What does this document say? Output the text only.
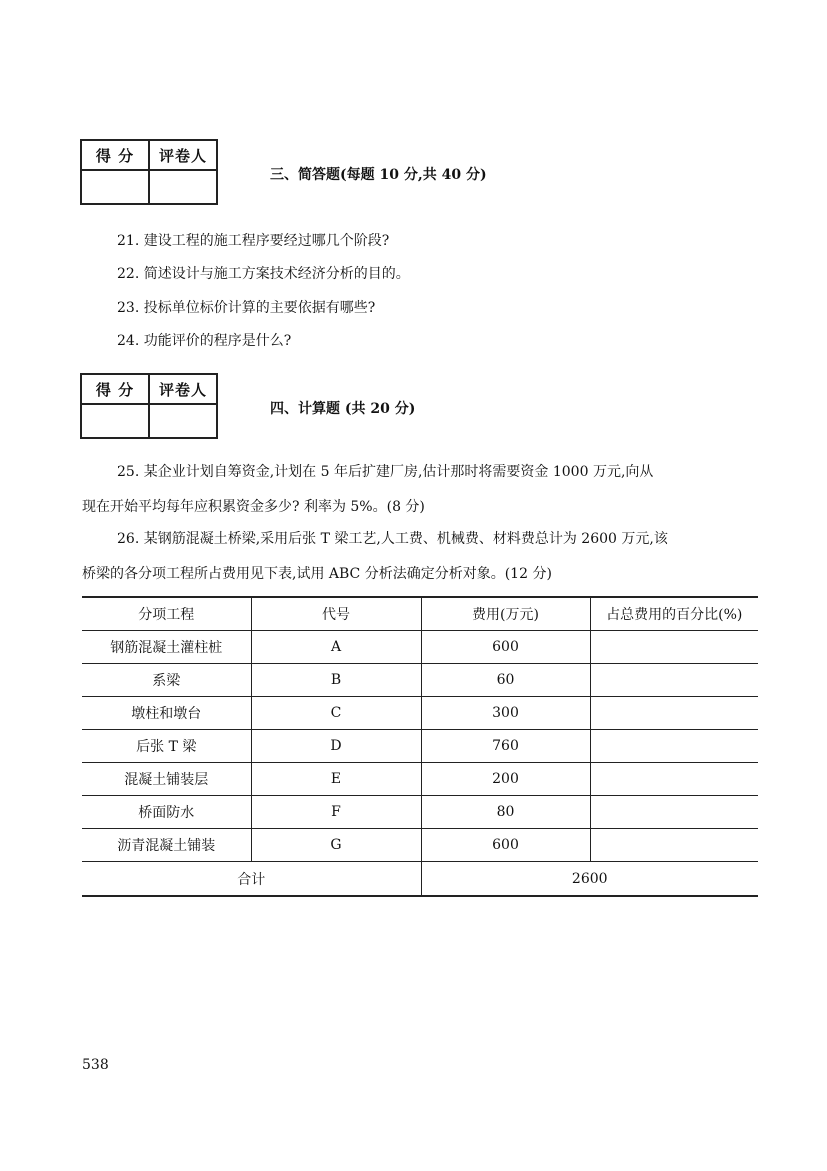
得 分	评卷人

三、简答题(每题 10 分,共 40 分)
21. 建设工程的施工程序要经过哪几个阶段?
22. 简述设计与施工方案技术经济分析的目的。
23. 投标单位标价计算的主要依据有哪些?
24. 功能评价的程序是什么?
得 分	评卷人

四、计算题 (共 20 分)
25. 某企业计划自筹资金,计划在 5 年后扩建厂房,估计那时将需要资金 1000 万元,向从
现在开始平均每年应积累资金多少? 利率为 5%。(8 分)
26. 某钢筋混凝土桥梁,采用后张 T 梁工艺,人工费、机械费、材料费总计为 2600 万元,该
桥梁的各分项工程所占费用见下表,试用 ABC 分析法确定分析对象。(12 分)
分项工程	代号	费用(万元)	占总费用的百分比(%)
钢筋混凝土灌柱桩	A	600	
系梁	B	60	
墩柱和墩台	C	300	
后张 T 梁	D	760	
混凝土铺装层	E	200	
桥面防水	F	80	
沥青混凝土铺装	G	600	
合计		2600	
538
